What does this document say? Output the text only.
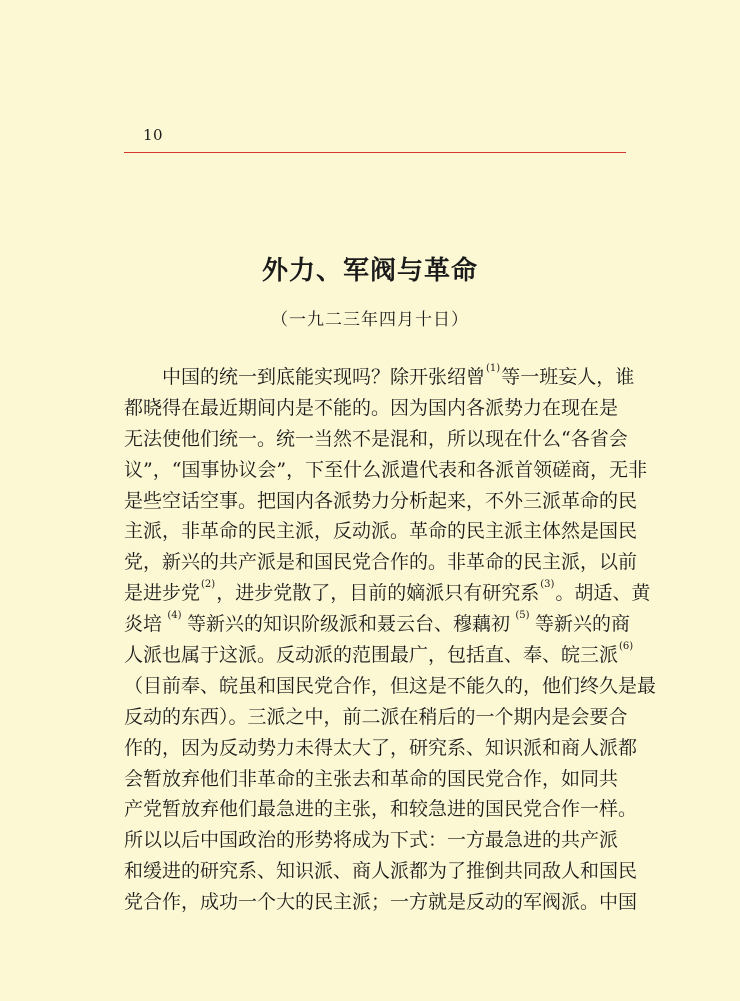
10
外力、军阀与革命
（一九二三年四月十日）
中国的统一到底能实现吗？除开张绍曾$^{(1)}$ 等一班妄人，谁
都晓得在最近期间内是不能的。因为国内各派势力在现在是
无法使他们统一。统一当然不是混和，所以现在什么“各省会
议”，“国事协议会”，下至什么派遣代表和各派首领磋商，无非
是些空话空事。把国内各派势力分析起来，不外三派革命的民
主派，非革命的民主派，反动派。革命的民主派主体然是国民
党，新兴的共产派是和国民党合作的。非革命的民主派，以前
是进步党$^{(2)}$ ，进步党散了，目前的嫡派只有研究系$^{(3)}$ 。胡适、黄
炎培 $^{(4)}$ 等新兴的知识阶级派和聂云台、穆藕初 $^{(5)}$ 等新兴的商
人派也属于这派。反动派的范围最广，包括直、奉、皖三派$^{(6)}$
（目前奉、皖虽和国民党合作，但这是不能久的，他们终久是最
反动的东西）。三派之中，前二派在稍后的一个期内是会要合
作的，因为反动势力未得太大了，研究系、知识派和商人派都
会暂放弃他们非革命的主张去和革命的国民党合作，如同共
产党暂放弃他们最急进的主张，和较急进的国民党合作一样。
所以以后中国政治的形势将成为下式：一方最急进的共产派
和缓进的研究系、知识派、商人派都为了推倒共同敌人和国民
党合作，成功一个大的民主派；一方就是反动的军阀派。中国
